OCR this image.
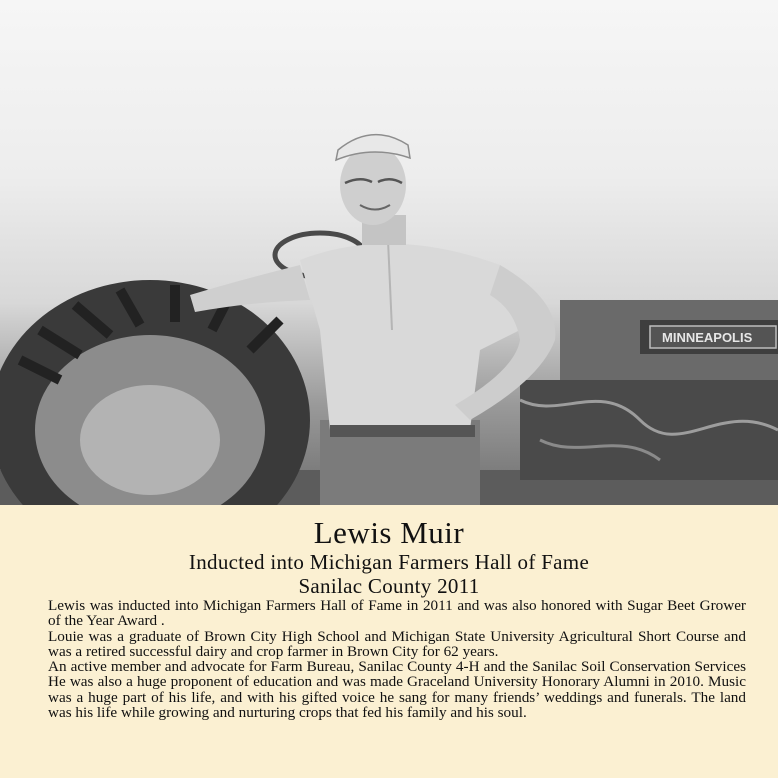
MINNEAPOLIS
Lewis Muir
Inducted into Michigan Farmers Hall of Fame
Sanilac County 2011

Lewis was inducted into Michigan Farmers Hall of Fame in 2011 and was also honored with Sugar Beet Grower of the Year Award .

Louie was a graduate of Brown City High School and Michigan State University Agricultural Short Course and was a retired successful dairy and crop farmer in Brown City for 62 years.

An active member and advocate for Farm Bureau, Sanilac County 4-H and the Sanilac Soil Conservation Services He was also a huge proponent of education and was made Graceland University Honorary Alumni in 2010. Music was a huge part of his life, and with his gifted voice he sang for many friends’ weddings and funerals. The land was his life while growing and nurturing crops that fed his family and his soul.
